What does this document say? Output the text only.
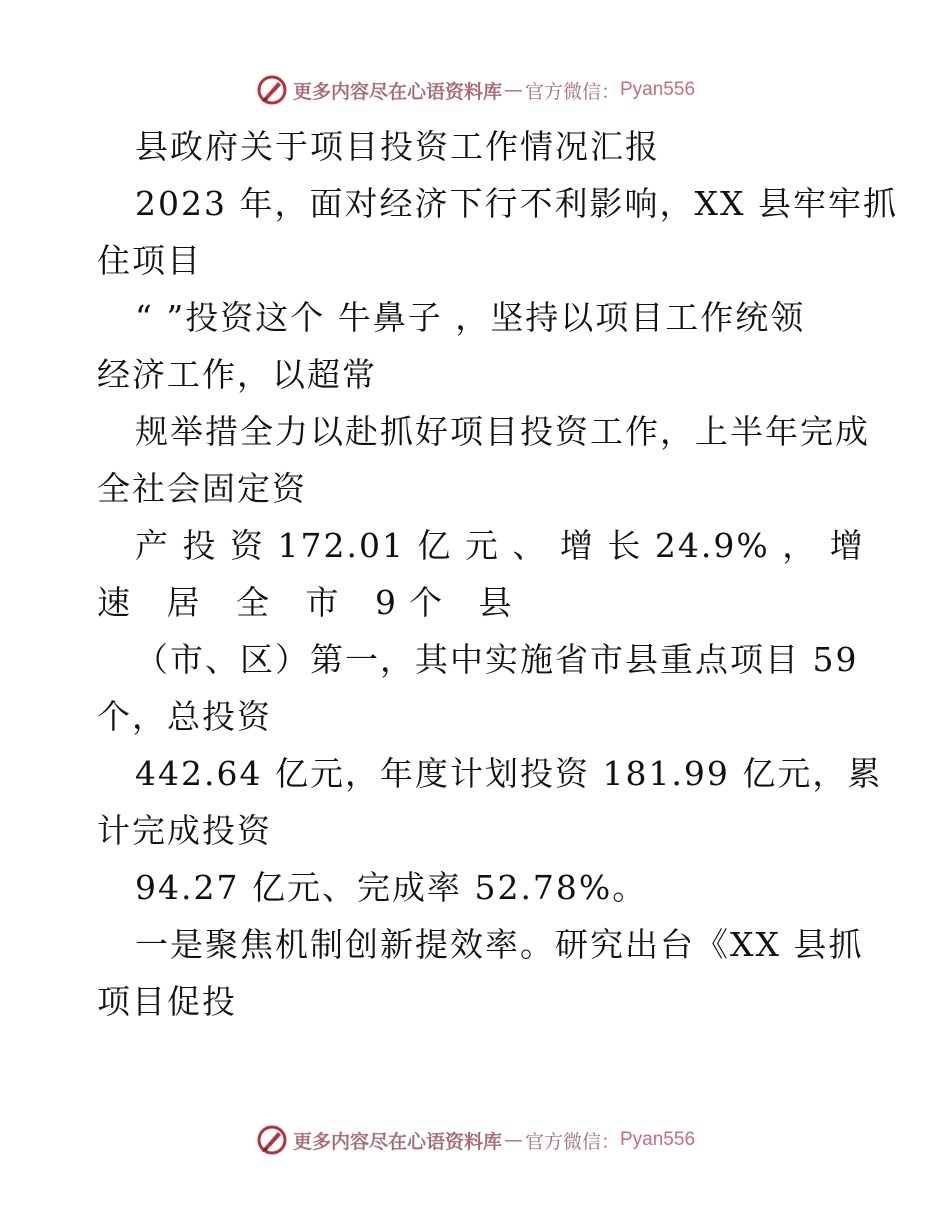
更多内容尽在心语资料库 — 官方微信： Pyan556
县政府关于项目投资工作情况汇报
2023 年，面对经济下行不利影响，XX 县牢牢抓
住项目
“ ”投资这个 牛鼻子 ，坚持以项目工作统领
经济工作，以超常
规举措全力以赴抓好项目投资工作，上半年完成
全社会固定资
产 投 资 172.01 亿 元 、 增 长 24.9% ， 增
速 居 全 市 9个 县
（市、区）第一，其中实施省市县重点项目 59
个，总投资
442.64 亿元，年度计划投资 181.99 亿元，累
计完成投资
94.27 亿元、完成率 52.78%。
一是聚焦机制创新提效率。研究出台《XX 县抓
项目促投
更多内容尽在心语资料库 — 官方微信： Pyan556
